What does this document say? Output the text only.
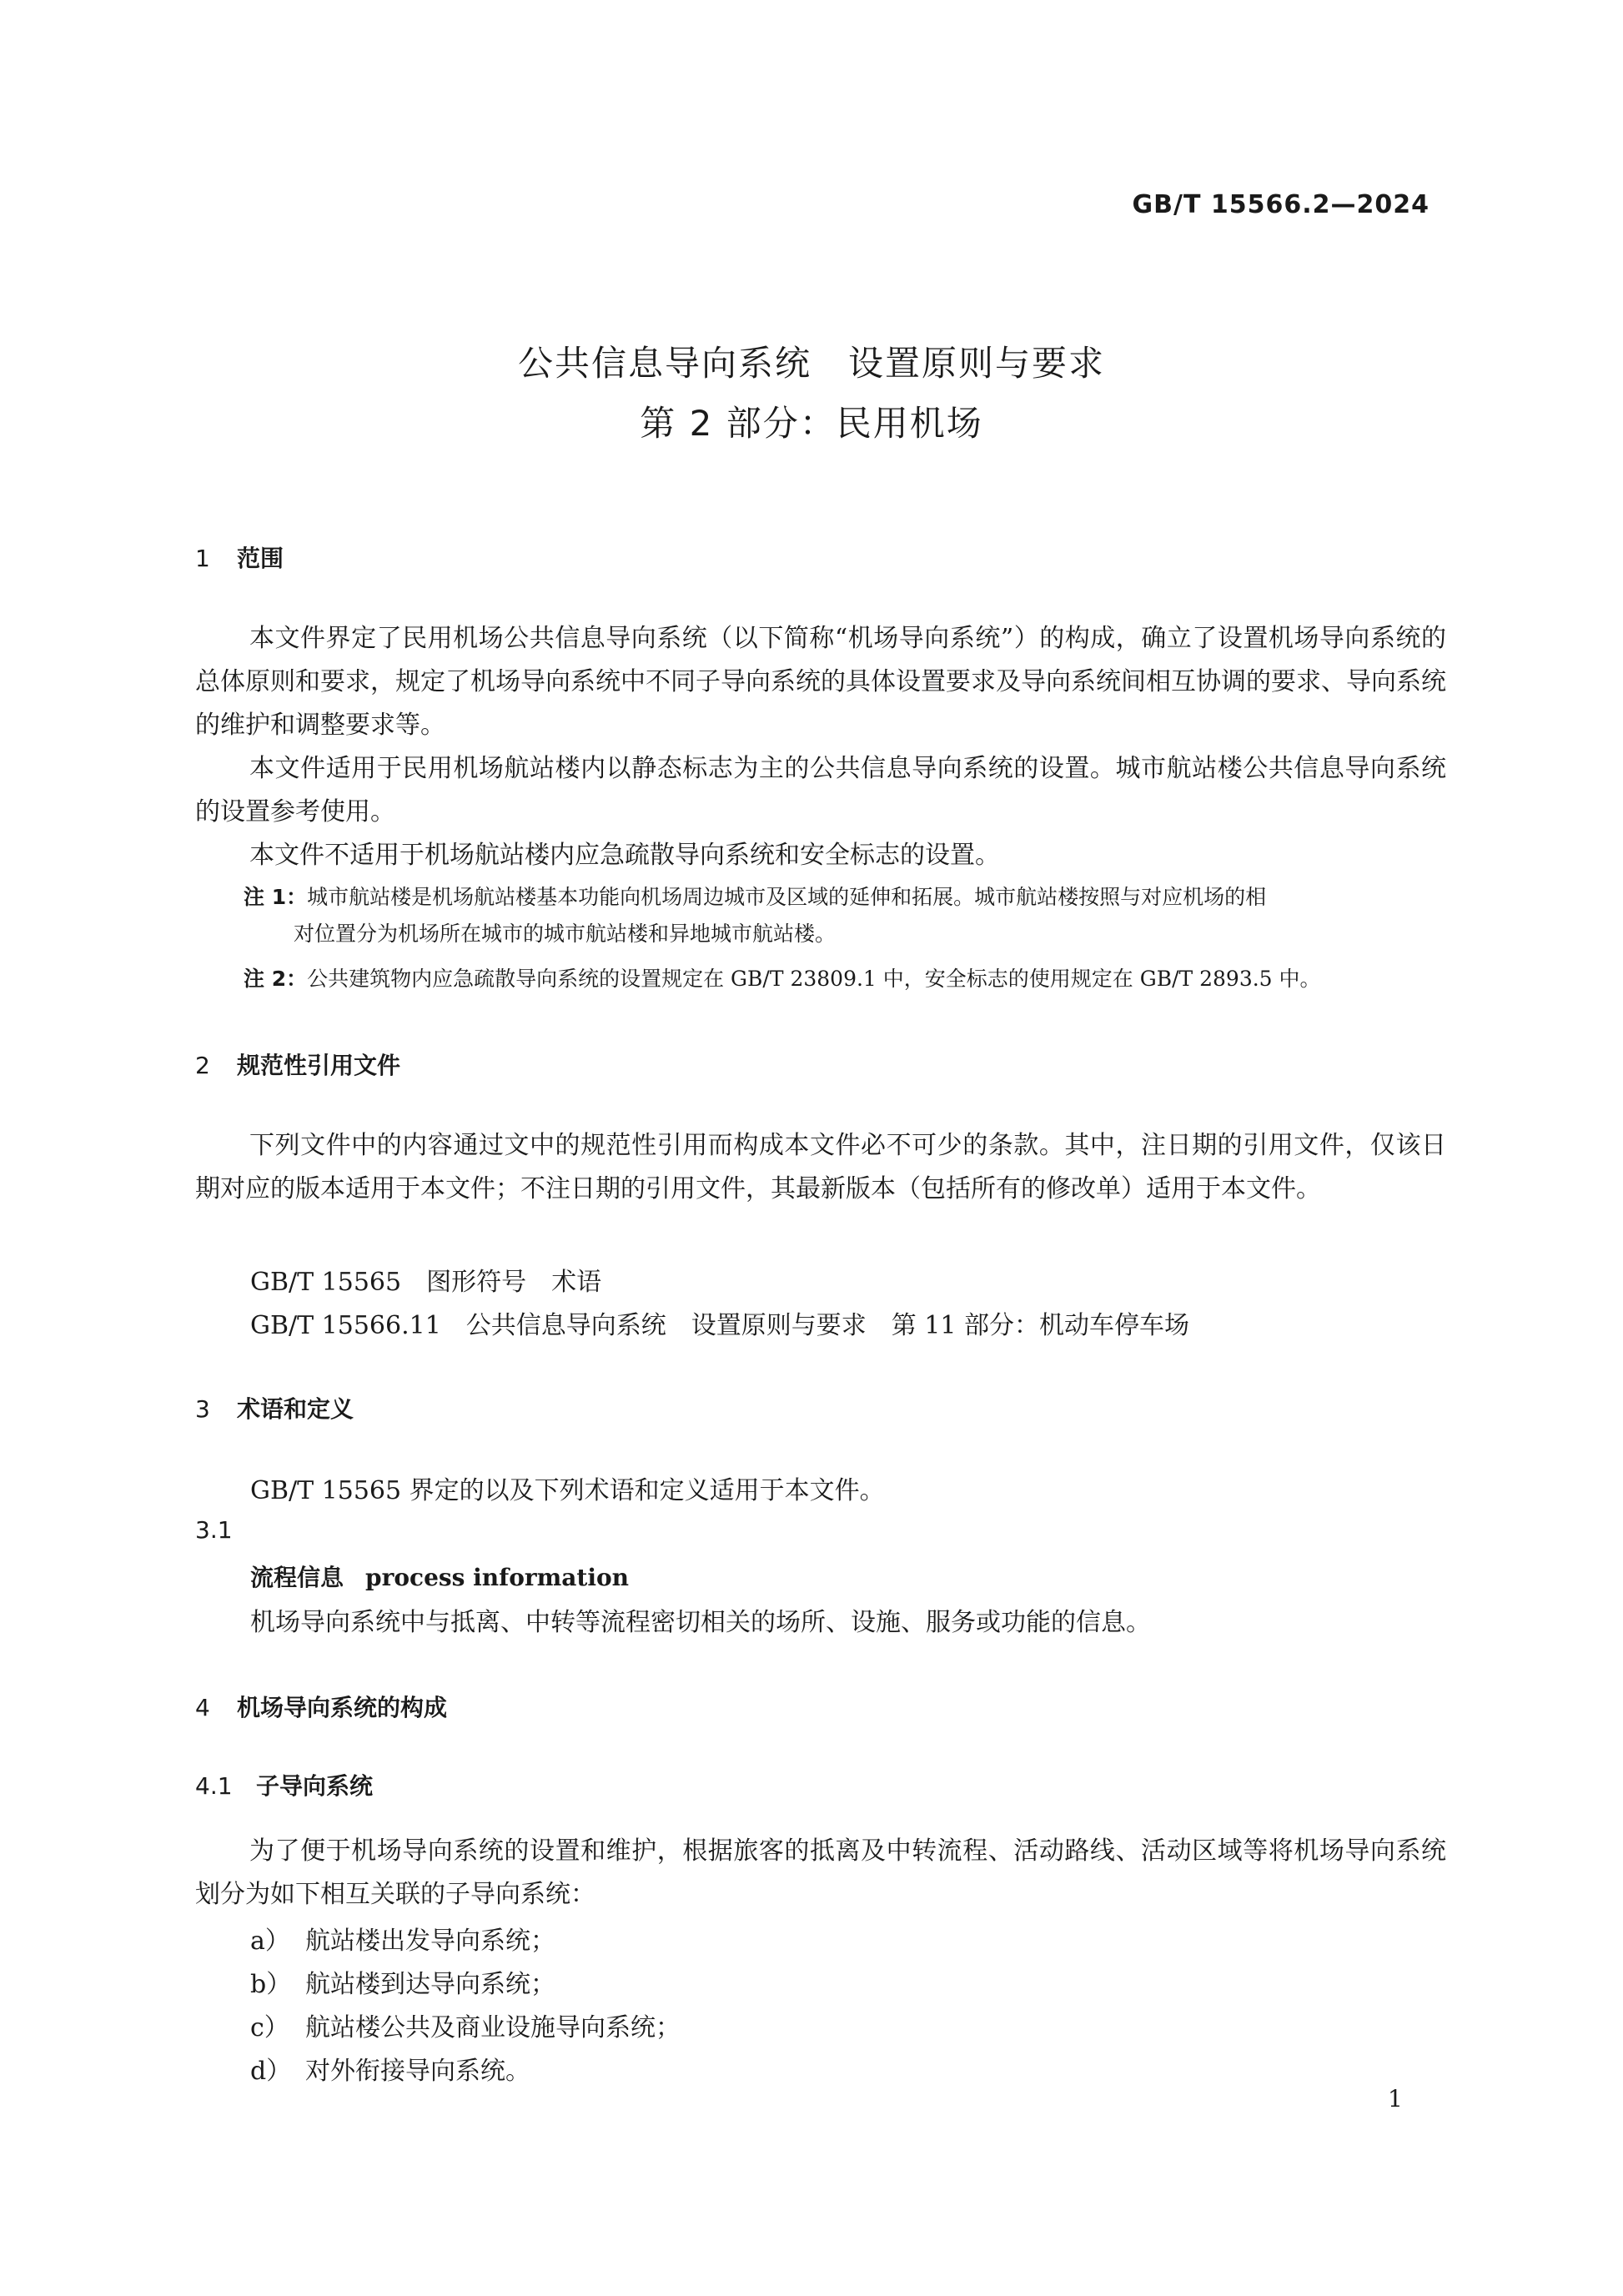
GB/T 15566.2—2024
公共信息导向系统　设置原则与要求
第 2 部分：民用机场
1 范围
本文件界定了民用机场公共信息导向系统（以下简称“机场导向系统”）的构成，确立了设置机场导向系统的总体原则和要求，规定了机场导向系统中不同子导向系统的具体设置要求及导向系统间相互协调的要求、导向系统的维护和调整要求等。
本文件适用于民用机场航站楼内以静态标志为主的公共信息导向系统的设置。城市航站楼公共信息导向系统的设置参考使用。
本文件不适用于机场航站楼内应急疏散导向系统和安全标志的设置。
注 1：城市航站楼是机场航站楼基本功能向机场周边城市及区域的延伸和拓展。城市航站楼按照与对应机场的相
对位置分为机场所在城市的城市航站楼和异地城市航站楼。
注 2：公共建筑物内应急疏散导向系统的设置规定在 GB/T 23809.1 中，安全标志的使用规定在 GB/T 2893.5 中。
2 规范性引用文件
下列文件中的内容通过文中的规范性引用而构成本文件必不可少的条款。其中，注日期的引用文件，仅该日期对应的版本适用于本文件；不注日期的引用文件，其最新版本（包括所有的修改单）适用于本文件。
GB/T 15565　图形符号　术语
GB/T 15566.11　公共信息导向系统　设置原则与要求　第 11 部分：机动车停车场
3 术语和定义
GB/T 15565 界定的以及下列术语和定义适用于本文件。
3.1
流程信息 process information
机场导向系统中与抵离、中转等流程密切相关的场所、设施、服务或功能的信息。
4 机场导向系统的构成
4.1 子导向系统
为了便于机场导向系统的设置和维护，根据旅客的抵离及中转流程、活动路线、活动区域等将机场导向系统划分为如下相互关联的子导向系统：
a） 航站楼出发导向系统；
b） 航站楼到达导向系统；
c） 航站楼公共及商业设施导向系统；
d） 对外衔接导向系统。
1
